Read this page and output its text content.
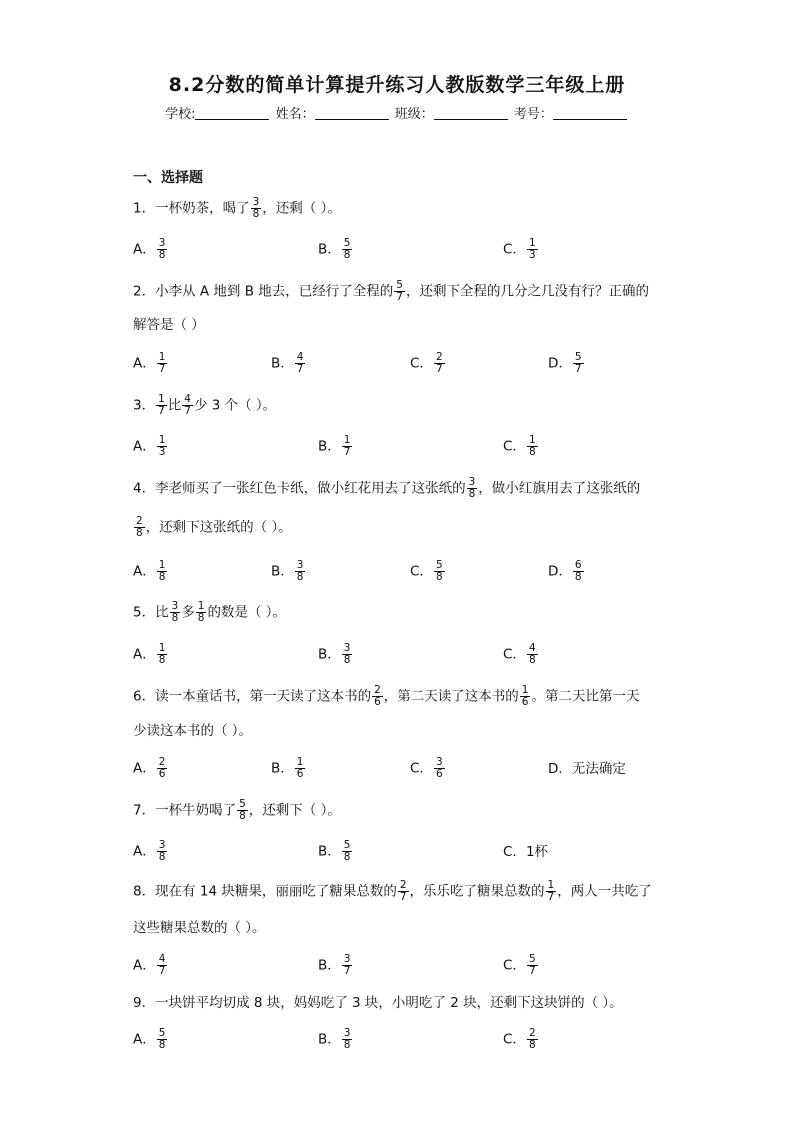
8.2分数的简单计算提升练习人教版数学三年级上册
学校:	姓名：	班级：	考号：
一、选择题
1．一杯奶茶，喝了 $\frac{3}{8}$ ，还剩（ ）。
A． $\frac{3}{8}$	B． $\frac{5}{8}$	C． $\frac{1}{3}$
2．小李从 A 地到 B 地去，已经行了全程的 $\frac{5}{7}$ ，还剩下全程的几分之几没有行？正确的
解答是（ ）
A． $\frac{1}{7}$	B． $\frac{4}{7}$	C． $\frac{2}{7}$	D． $\frac{5}{7}$
3． $\frac{1}{7}$ 比 $\frac{4}{7}$ 少 3 个（ ）。
A． $\frac{1}{3}$	B． $\frac{1}{7}$	C． $\frac{1}{8}$
4．李老师买了一张红色卡纸，做小红花用去了这张纸的 $\frac{3}{8}$ ，做小红旗用去了这张纸的
$\frac{2}{8}$ ，还剩下这张纸的（ ）。
A． $\frac{1}{8}$	B． $\frac{3}{8}$	C． $\frac{5}{8}$	D． $\frac{6}{8}$
5．比 $\frac{3}{8}$ 多 $\frac{1}{8}$ 的数是（ ）。
A． $\frac{1}{8}$	B． $\frac{3}{8}$	C． $\frac{4}{8}$
6．读一本童话书，第一天读了这本书的 $\frac{2}{6}$ ，第二天读了这本书的 $\frac{1}{6}$ 。第二天比第一天
少读这本书的（ ）。
A． $\frac{2}{6}$	B． $\frac{1}{6}$	C． $\frac{3}{6}$	D．无法确定
7．一杯牛奶喝了 $\frac{5}{8}$ ，还剩下（ ）。
A． $\frac{3}{8}$	B． $\frac{5}{8}$	C．1杯
8．现在有 14 块糖果，丽丽吃了糖果总数的 $\frac{2}{7}$ ，乐乐吃了糖果总数的 $\frac{1}{7}$ ，两人一共吃了
这些糖果总数的（ ）。
A． $\frac{4}{7}$	B． $\frac{3}{7}$	C． $\frac{5}{7}$
9．一块饼平均切成 8 块，妈妈吃了 3 块，小明吃了 2 块，还剩下这块饼的（ ）。
A． $\frac{5}{8}$	B． $\frac{3}{8}$	C． $\frac{2}{8}$
